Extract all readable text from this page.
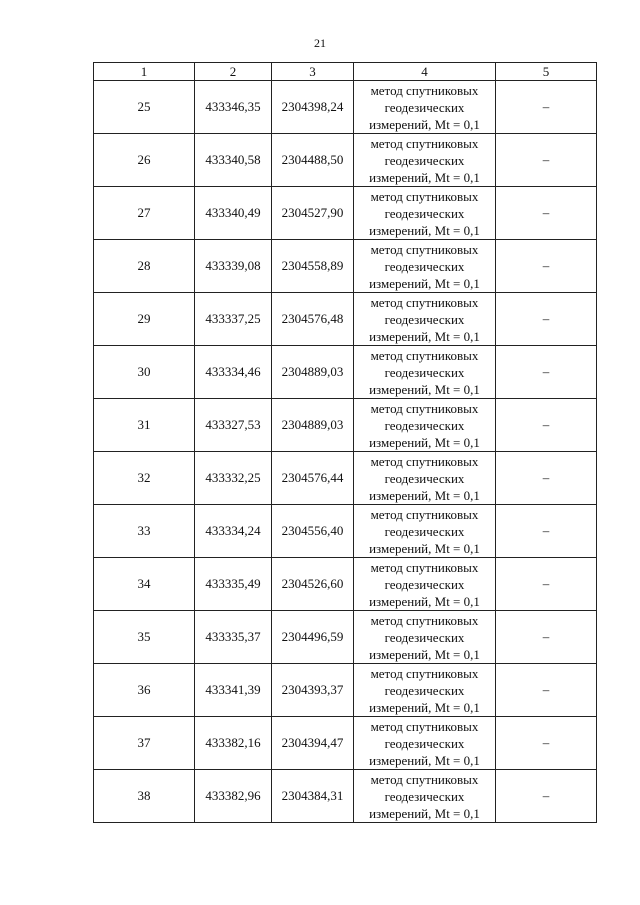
21
1	2	3	4	5
25	433346,35	2304398,24	метод спутниковых
геодезических
измерений, Mt = 0,1	–
26	433340,58	2304488,50	метод спутниковых
геодезических
измерений, Mt = 0,1	–
27	433340,49	2304527,90	метод спутниковых
геодезических
измерений, Mt = 0,1	–
28	433339,08	2304558,89	метод спутниковых
геодезических
измерений, Mt = 0,1	–
29	433337,25	2304576,48	метод спутниковых
геодезических
измерений, Mt = 0,1	–
30	433334,46	2304889,03	метод спутниковых
геодезических
измерений, Mt = 0,1	–
31	433327,53	2304889,03	метод спутниковых
геодезических
измерений, Mt = 0,1	–
32	433332,25	2304576,44	метод спутниковых
геодезических
измерений, Mt = 0,1	–
33	433334,24	2304556,40	метод спутниковых
геодезических
измерений, Mt = 0,1	–
34	433335,49	2304526,60	метод спутниковых
геодезических
измерений, Mt = 0,1	–
35	433335,37	2304496,59	метод спутниковых
геодезических
измерений, Mt = 0,1	–
36	433341,39	2304393,37	метод спутниковых
геодезических
измерений, Mt = 0,1	–
37	433382,16	2304394,47	метод спутниковых
геодезических
измерений, Mt = 0,1	–
38	433382,96	2304384,31	метод спутниковых
геодезических
измерений, Mt = 0,1	–
